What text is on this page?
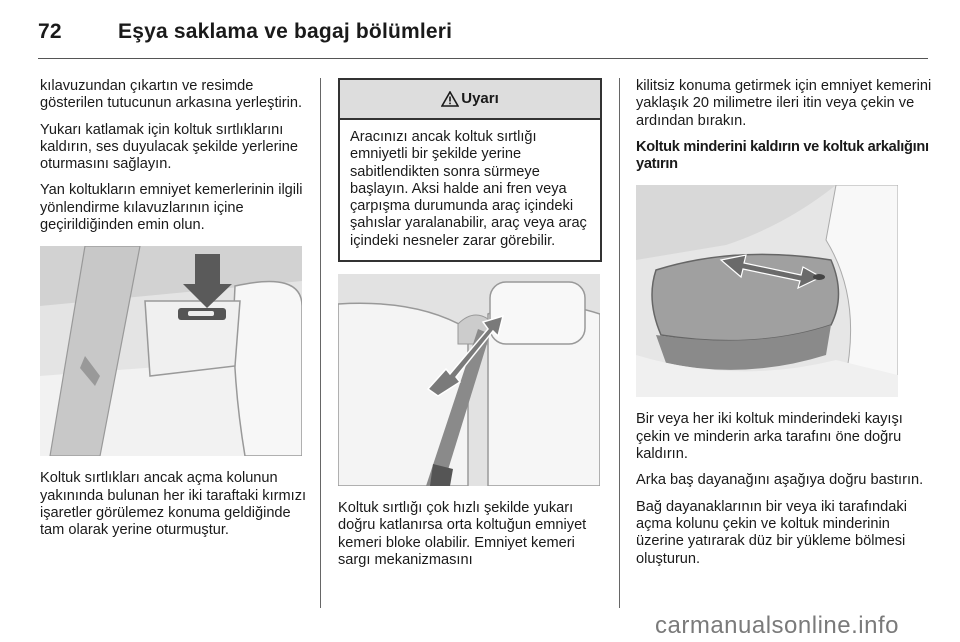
72	Eşya saklama ve bagaj bölümleri

kılavuzundan çıkartın ve resimde gösterilen tutucunun arkasına yerleştirin.

Yukarı katlamak için koltuk sırtlıklarını kaldırın, ses duyulacak şekilde yerlerine oturmasını sağlayın.

Yan koltukların emniyet kemerlerinin ilgili yönlendirme kılavuzlarının içine geçirildiğinden emin olun.

Koltuk sırtlıkları ancak açma kolunun yakınında bulunan her iki taraftaki kırmızı işaretler görülemez konuma geldiğinde tam olarak yerine oturmuştur.

Uyarı
Aracınızı ancak koltuk sırtlığı emniyetli bir şekilde yerine sabitlendikten sonra sürmeye başlayın. Aksi halde ani fren veya çarpışma durumunda araç içindeki şahıslar yaralanabilir, araç veya araç içindeki nesneler zarar görebilir.

Koltuk sırtlığı çok hızlı şekilde yukarı doğru katlanırsa orta koltuğun emniyet kemeri bloke olabilir. Emniyet kemeri sargı mekanizmasını

kilitsiz konuma getirmek için emniyet kemerini yaklaşık 20 milimetre ileri itin veya çekin ve ardından bırakın.

Koltuk minderini kaldırın ve koltuk arkalığını yatırın

Bir veya her iki koltuk minderindeki kayışı çekin ve minderin arka tarafını öne doğru kaldırın.

Arka baş dayanağını aşağıya doğru bastırın.

Bağ dayanaklarının bir veya iki tarafındaki açma kolunu çekin ve koltuk minderinin üzerine yatırarak düz bir yükleme bölmesi oluşturun.

carmanualsonline.info
